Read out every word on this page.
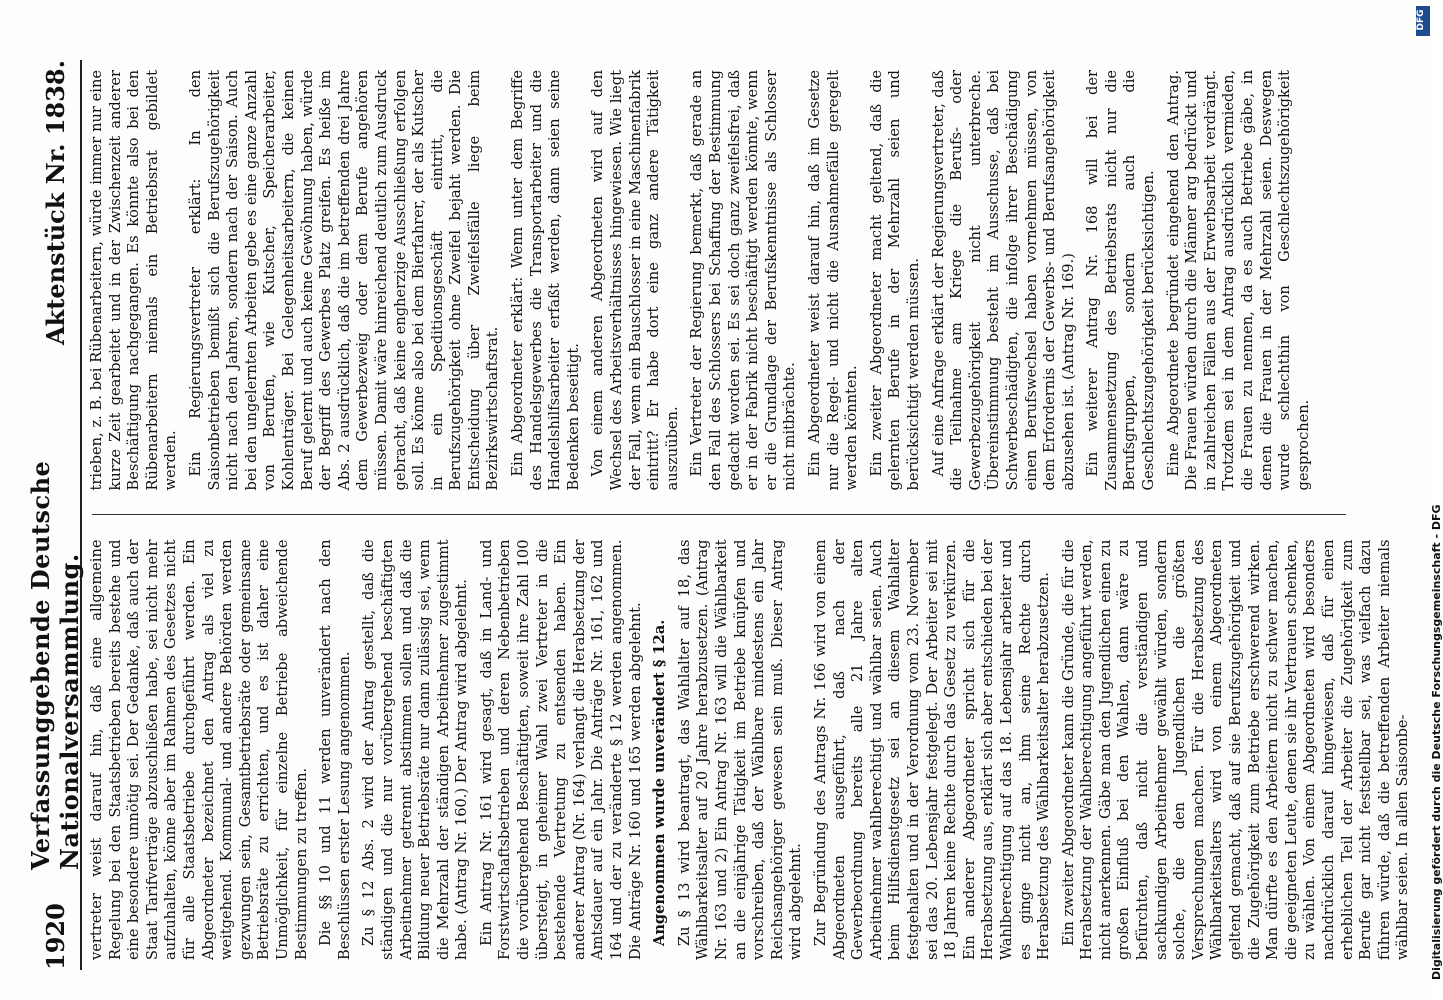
1920
Verfassunggebende Deutsche Nationalversammlung.
Aktenstück Nr. 1838.

vertreter weist darauf hin, daß eine allgemeine Regelung bei den Staatsbetrieben bereits bestehe und eine besondere unnötig sei. Der Gedanke, daß auch der Staat Tarifverträge abzuschließen habe, sei nicht mehr aufzuhalten, könne aber im Rahmen des Gesetzes nicht für alle Staatsbetriebe durchgeführt werden. Ein Abgeordneter bezeichnet den Antrag als viel zu weitgehend. Kommunal- und andere Behörden werden gezwungen sein, Gesamtbetriebsräte oder gemeinsame Betriebsräte zu errichten, und es ist daher eine Unmöglichkeit, für einzelne Betriebe abweichende Bestimmungen zu treffen. Die §§ 10 und 11 werden unverändert nach den Beschlüssen erster Lesung angenommen. Zu § 12 Abs. 2 wird der Antrag gestellt, daß die ständigen und die nur vorübergehend beschäftigten Arbeitnehmer getrennt abstimmen sollen und daß die Bildung neuer Betriebsräte nur dann zulässig sei, wenn die Mehrzahl der ständigen Arbeitnehmer zugestimmt habe. (Antrag Nr. 160.) Der Antrag wird abgelehnt. Ein Antrag Nr. 161 wird gesagt, daß in Land- und Forstwirtschaftsbetrieben und deren Nebenbetrieben die vorübergehend Beschäftigten, soweit ihre Zahl 100 übersteigt, in geheimer Wahl zwei Vertreter in die bestehende Vertretung zu entsenden haben. Ein anderer Antrag (Nr. 164) verlangt die Herabsetzung der Amtsdauer auf ein Jahr. Die Anträge Nr. 161, 162 und 164 und der zu veränderte § 12 werden angenommen. Die Anträge Nr. 160 und 165 werden abgelehnt. Angenommen wurde unverändert § 12a. Zu § 13 wird beantragt, das Wahlalter auf 18, das Wählbarkeitsalter auf 20 Jahre herabzusetzen. (Antrag Nr. 163 und 2) Ein Antrag Nr. 163 will die Wählbarkeit an die einjährige Tätigkeit im Betriebe knüpfen und vorschreiben, daß der Wählbare mindestens ein Jahr Reichsangehöriger gewesen sein muß. Dieser Antrag wird abgelehnt. Zur Begründung des Antrags Nr. 166 wird von einem Abgeordneten ausgeführt, daß nach der Gewerbeordnung bereits alle 21 Jahre alten Arbeitnehmer wahlberechtigt und wählbar seien. Auch beim Hilfsdienstgesetz sei an diesem Wahlalter festgehalten und in der Verordnung vom 23. November sei das 20. Lebensjahr festgelegt. Der Arbeiter sei mit 18 Jahren keine Rechte durch das Gesetz zu verkürzen. Ein anderer Abgeordneter spricht sich für die Herabsetzung aus, erklärt sich aber entschieden bei der Wahlberechtigung auf das 18. Lebensjahr arbeiter und es ginge nicht an, ihm seine Rechte durch Herabsetzung des Wählbarkeitsalter herabzusetzen. Ein zweiter Abgeordneter kann die Gründe, die für die Herabsetzung der Wahlberechtigung angeführt werden, nicht anerkennen. Gäbe man den Jugendlichen einen zu großen Einfluß bei den Wahlen, dann wäre zu befürchten, daß nicht die verständigen und sachkundigen Arbeitnehmer gewählt würden, sondern solche, die den Jugendlichen die größten Versprechungen machen. Für die Herabsetzung des Wählbarkeitsalters wird von einem Abgeordneten geltend gemacht, daß auf sie Berufszugehörigkeit und die Zugehörigkeit zum Betriebe erschwerend wirken. Man dürfte es den Arbeitern nicht zu schwer machen, die geeigneten Leute, denen sie ihr Vertrauen schenken, zu wählen. Von einem Abgeordneten wird besonders nachdrücklich darauf hingewiesen, daß für einen erheblichen Teil der Arbeiter die Zugehörigkeit zum Berufe gar nicht feststellbar sei, was vielfach dazu führen würde, daß die betreffenden Arbeiter niemals wählbar seien. In allen Saisonbe-

trieben, z. B. bei Rübenarbeitern, würde immer nur eine kurze Zeit gearbeitet und in der Zwischenzeit anderer Beschäftigung nachgegangen. Es könnte also bei den Rübenarbeitern niemals ein Betriebsrat gebildet werden. Ein Regierungsvertreter erklärt: In den Saisonbetrieben bemißt sich die Berufszugehörigkeit nicht nach den Jahren, sondern nach der Saison. Auch bei den ungelernten Arbeiten gebe es eine ganze Anzahl von Berufen, wie Kutscher, Speicherarbeiter, Kohlenträger. Bei Gelegenheitsarbeitern, die keinen Beruf gelernt und auch keine Gewöhnung haben, würde der Begriff des Gewerbes Platz greifen. Es heiße im Abs. 2 ausdrücklich, daß die im betreffenden drei Jahre dem Gewerbezweig oder dem Berufe angehören müssen. Damit wäre hinreichend deutlich zum Ausdruck gebracht, daß keine engherzige Ausschließung erfolgen soll. Es könne also bei dem Bierfahrer, der als Kutscher in ein Speditionsgeschäft eintritt, die Berufszugehörigkeit ohne Zweifel bejaht werden. Die Entscheidung über Zweifelsfälle liege beim Bezirkswirtschaftsrat. Ein Abgeordneter erklärt: Wenn unter dem Begriffe des Handelsgewerbes die Transportarbeiter und die Handelshilfsarbeiter erfaßt werden, dann seien seine Bedenken beseitigt. Von einem anderen Abgeordneten wird auf den Wechsel des Arbeitsverhältnisses hingewiesen. Wie liegt der Fall, wenn ein Bauschlosser in eine Maschinenfabrik eintritt? Er habe dort eine ganz andere Tätigkeit auszuüben. Ein Vertreter der Regierung bemerkt, daß gerade an den Fall des Schlossers bei Schaffung der Bestimmung gedacht worden sei. Es sei doch ganz zweifelsfrei, daß er in der Fabrik nicht beschäftigt werden könnte, wenn er die Grundlage der Berufskenntnisse als Schlosser nicht mitbrächte. Ein Abgeordneter weist darauf hin, daß im Gesetze nur die Regel- und nicht die Ausnahmefälle geregelt werden könnten. Ein zweiter Abgeordneter macht geltend, daß die gelernten Berufe in der Mehrzahl seien und berücksichtigt werden müssen. Auf eine Anfrage erklärt der Regierungsvertreter, daß die Teilnahme am Kriege die Berufs- oder Gewerbezugehörigkeit nicht unterbreche. Übereinstimmung besteht im Ausschusse, daß bei Schwerbeschädigten, die infolge ihrer Beschädigung einen Berufswechsel haben vornehmen müssen, von dem Erfordernis der Gewerbs- und Berufsangehörigkeit abzusehen ist. (Antrag Nr. 169.) Ein weiterer Antrag Nr. 168 will bei der Zusammensetzung des Betriebsrats nicht nur die Berufsgruppen, sondern auch die Geschlechtszugehörigkeit berücksichtigen. Eine Abgeordnete begründet eingehend den Antrag. Die Frauen würden durch die Männer arg bedrückt und in zahlreichen Fällen aus der Erwerbsarbeit verdrängt. Trotzdem sei in dem Antrag ausdrücklich vermieden, die Frauen zu nennen, da es auch Betriebe gäbe, in denen die Frauen in der Mehrzahl seien. Deswegen wurde schlechthin von Geschlechtszugehörigkeit gesprochen.

DFG
Digitalisierung gefördert durch die Deutsche Forschungsgemeinschaft - DFG
